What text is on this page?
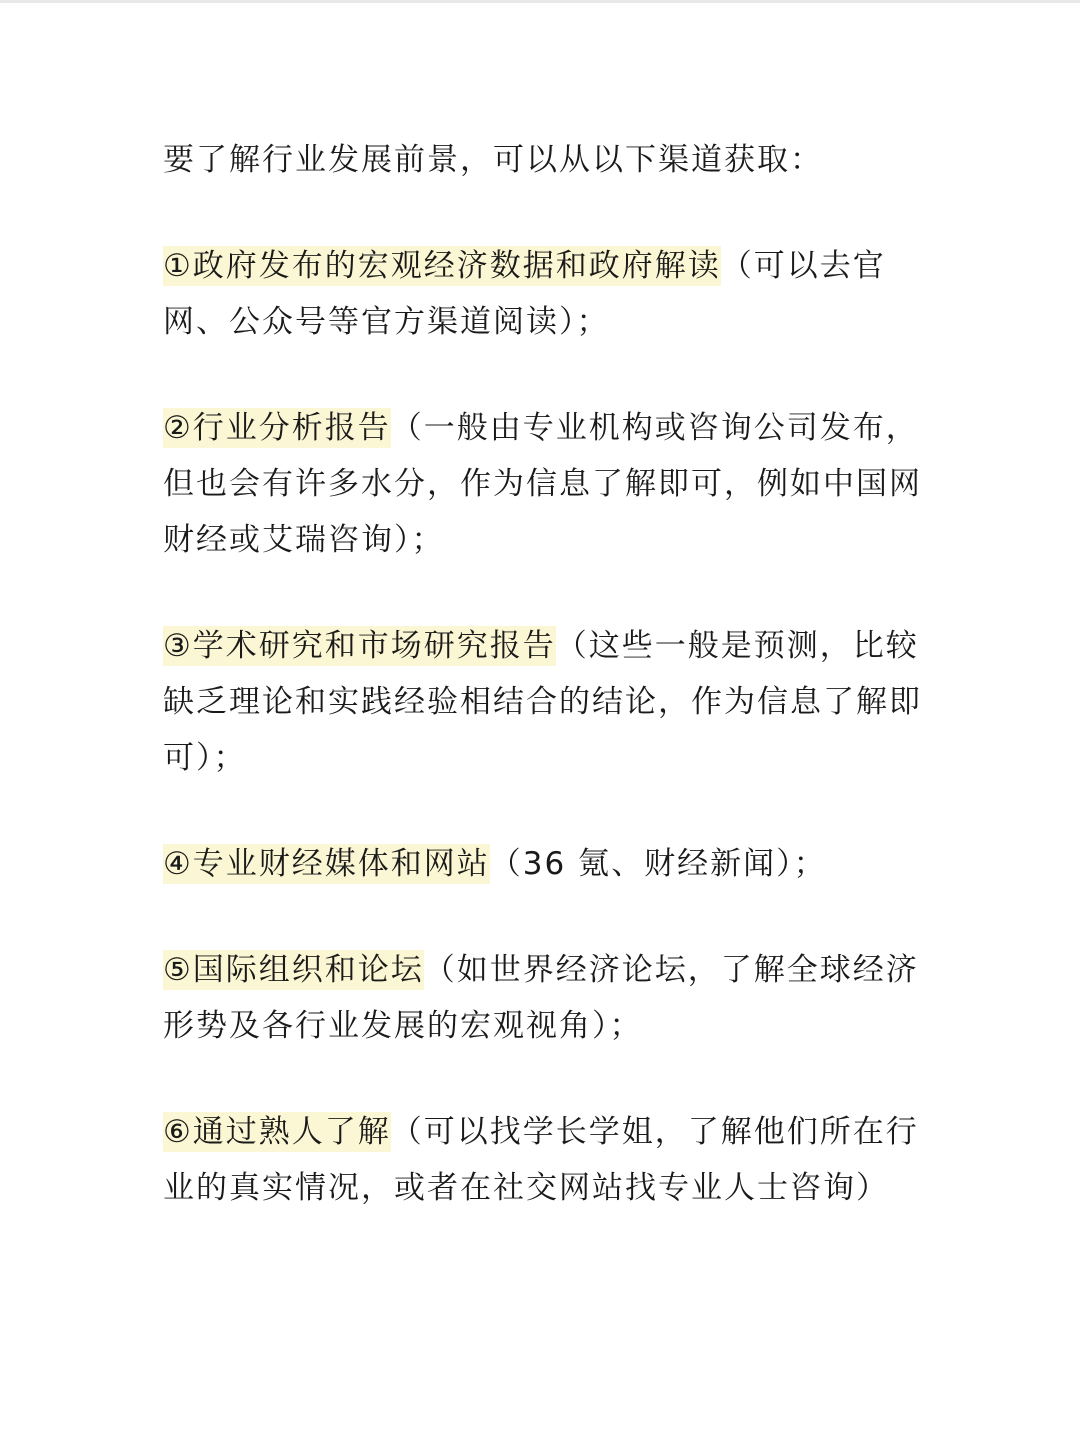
要了解行业发展前景，可以从以下渠道获取：

①政府发布的宏观经济数据和政府解读（可以去官网、公众号等官方渠道阅读）；

②行业分析报告（一般由专业机构或咨询公司发布，但也会有许多水分，作为信息了解即可，例如中国网财经或艾瑞咨询）；

③学术研究和市场研究报告（这些一般是预测，比较缺乏理论和实践经验相结合的结论，作为信息了解即可）；

④专业财经媒体和网站（36 氪、财经新闻）；

⑤国际组织和论坛（如世界经济论坛，了解全球经济形势及各行业发展的宏观视角）；

⑥通过熟人了解（可以找学长学姐，了解他们所在行业的真实情况，或者在社交网站找专业人士咨询）
